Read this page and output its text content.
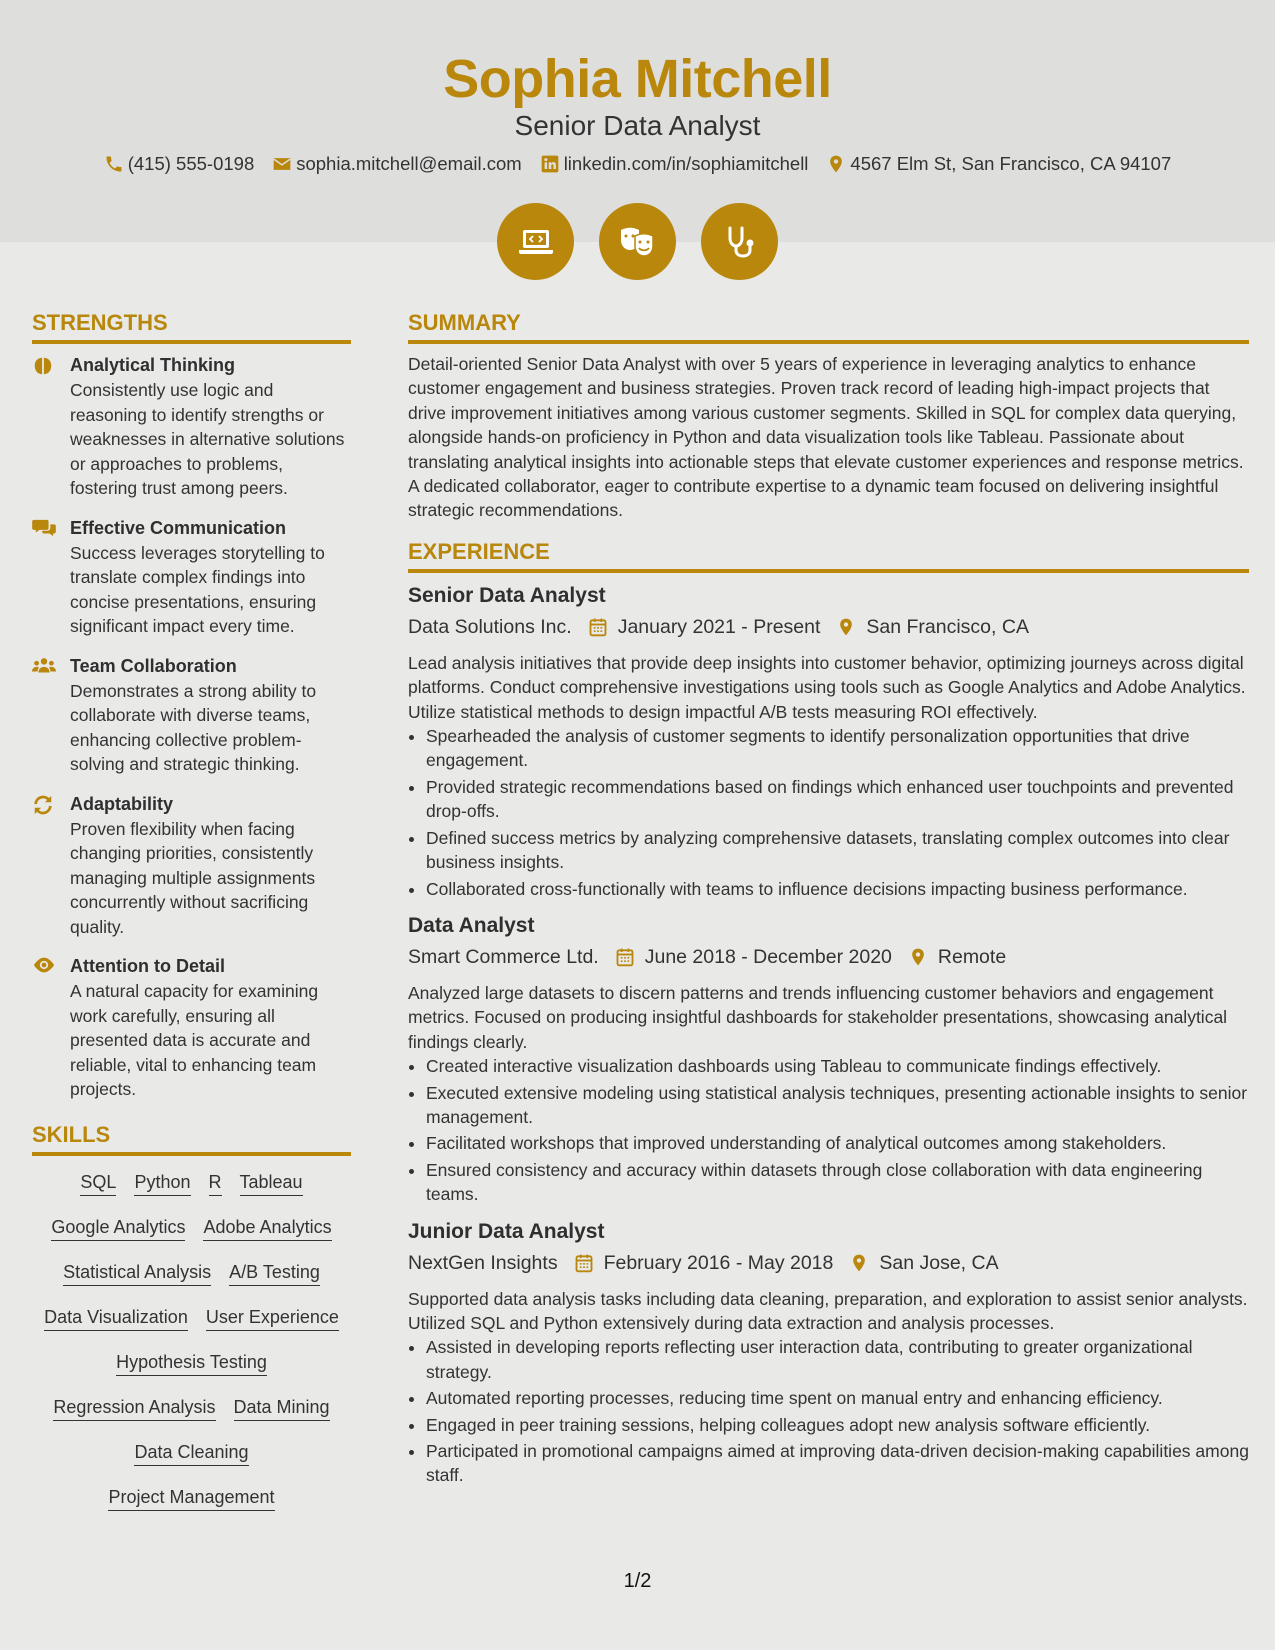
Sophia Mitchell
Senior Data Analyst
(415) 555-0198 sophia.mitchell@email.com linkedin.com/in/sophiamitchell 4567 Elm St, San Francisco, CA 94107
STRENGTHS
Analytical Thinking
Consistently use logic and reasoning to identify strengths or weaknesses in alternative solutions or approaches to problems, fostering trust among peers.
Effective Communication
Success leverages storytelling to translate complex findings into concise presentations, ensuring significant impact every time.
Team Collaboration
Demonstrates a strong ability to collaborate with diverse teams, enhancing collective problem-solving and strategic thinking.
Adaptability
Proven flexibility when facing changing priorities, consistently managing multiple assignments concurrently without sacrificing quality.
Attention to Detail
A natural capacity for examining work carefully, ensuring all presented data is accurate and reliable, vital to enhancing team projects.
SKILLS
SQL Python R Tableau
Google Analytics Adobe Analytics
Statistical Analysis A/B Testing
Data Visualization User Experience
Hypothesis Testing
Regression Analysis Data Mining
Data Cleaning
Project Management
SUMMARY
Detail-oriented Senior Data Analyst with over 5 years of experience in leveraging analytics to enhance customer engagement and business strategies. Proven track record of leading high-impact projects that drive improvement initiatives among various customer segments. Skilled in SQL for complex data querying, alongside hands-on proficiency in Python and data visualization tools like Tableau. Passionate about translating analytical insights into actionable steps that elevate customer experiences and response metrics. A dedicated collaborator, eager to contribute expertise to a dynamic team focused on delivering insightful strategic recommendations.
EXPERIENCE
Senior Data Analyst
Data Solutions Inc. January 2021 - Present San Francisco, CA
Lead analysis initiatives that provide deep insights into customer behavior, optimizing journeys across digital platforms. Conduct comprehensive investigations using tools such as Google Analytics and Adobe Analytics. Utilize statistical methods to design impactful A/B tests measuring ROI effectively.
• Spearheaded the analysis of customer segments to identify personalization opportunities that drive engagement.
• Provided strategic recommendations based on findings which enhanced user touchpoints and prevented drop-offs.
• Defined success metrics by analyzing comprehensive datasets, translating complex outcomes into clear business insights.
• Collaborated cross-functionally with teams to influence decisions impacting business performance.
Data Analyst
Smart Commerce Ltd. June 2018 - December 2020 Remote
Analyzed large datasets to discern patterns and trends influencing customer behaviors and engagement metrics. Focused on producing insightful dashboards for stakeholder presentations, showcasing analytical findings clearly.
• Created interactive visualization dashboards using Tableau to communicate findings effectively.
• Executed extensive modeling using statistical analysis techniques, presenting actionable insights to senior management.
• Facilitated workshops that improved understanding of analytical outcomes among stakeholders.
• Ensured consistency and accuracy within datasets through close collaboration with data engineering teams.
Junior Data Analyst
NextGen Insights February 2016 - May 2018 San Jose, CA
Supported data analysis tasks including data cleaning, preparation, and exploration to assist senior analysts. Utilized SQL and Python extensively during data extraction and analysis processes.
• Assisted in developing reports reflecting user interaction data, contributing to greater organizational strategy.
• Automated reporting processes, reducing time spent on manual entry and enhancing efficiency.
• Engaged in peer training sessions, helping colleagues adopt new analysis software efficiently.
• Participated in promotional campaigns aimed at improving data-driven decision-making capabilities among staff.
1/2
